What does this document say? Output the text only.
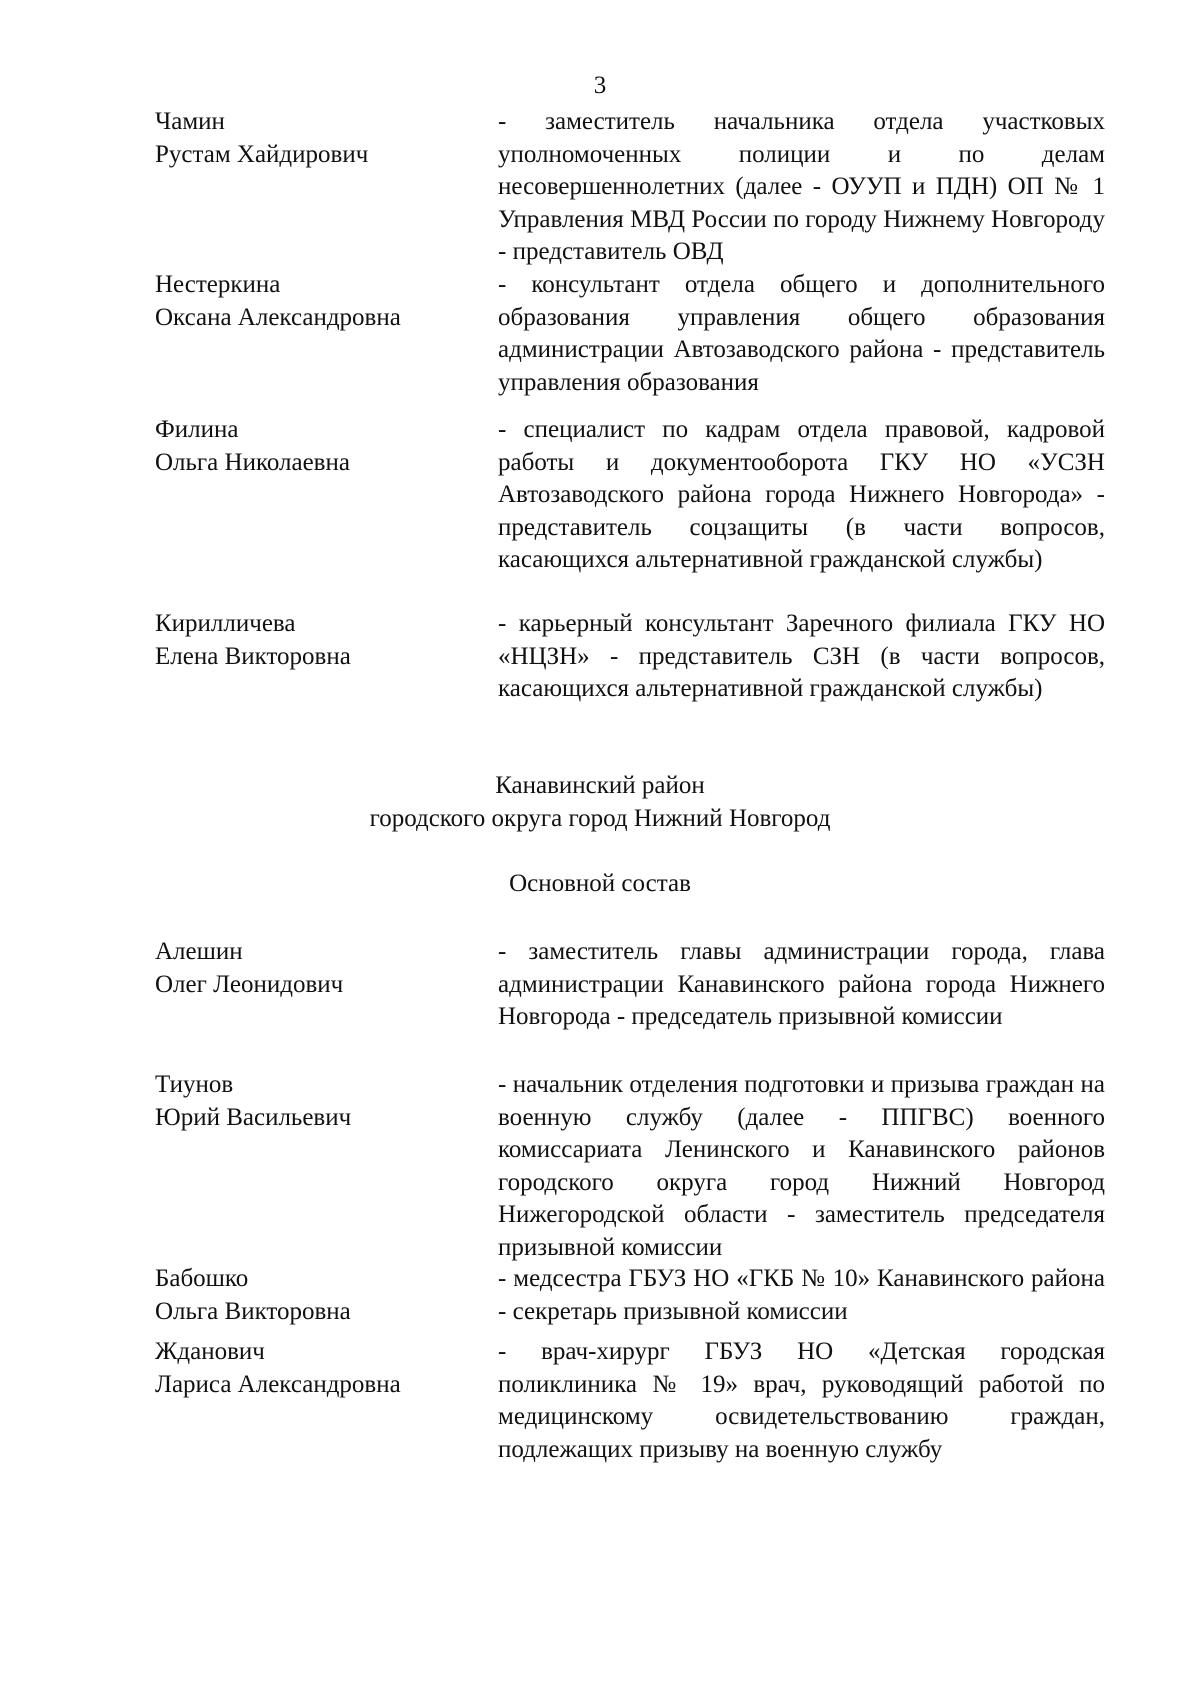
3
Чамин
Рустам Хайдирович

- заместитель начальника отдела участковых уполномоченных полиции и по делам несовершеннолетних (далее - ОУУП и ПДН) ОП № 1 Управления МВД России по городу Нижнему Новгороду - представитель ОВД

Нестеркина
Оксана Александровна

- консультант отдела общего и дополнительного образования управления общего образования администрации Автозаводского района - представитель управления образования

Филина
Ольга Николаевна

- специалист по кадрам отдела правовой, кадровой работы и документооборота ГКУ НО «УСЗН Автозаводского района города Нижнего Новгорода» - представитель соцзащиты (в части вопросов, касающихся альтернативной гражданской службы)

Кирилличева
Елена Викторовна

- карьерный консультант Заречного филиала ГКУ НО «НЦЗН» - представитель СЗН (в части вопросов, касающихся альтернативной гражданской службы)

Канавинский район
городского округа город Нижний Новгород
Основной состав
Алешин
Олег Леонидович

- заместитель главы администрации города, глава администрации Канавинского района города Нижнего Новгорода - председатель призывной комиссии

Тиунов
Юрий Васильевич

- начальник отделения подготовки и призыва граждан на военную службу (далее - ППГВС) военного комиссариата Ленинского и Канавинского районов городского округа город Нижний Новгород Нижегородской области - заместитель председателя призывной комиссии

Бабошко
Ольга Викторовна

- медсестра ГБУЗ НО «ГКБ № 10» Канавинского района - секретарь призывной комиссии

Жданович
Лариса Александровна

- врач-хирург ГБУЗ НО «Детская городская поликлиника № 19» врач, руководящий работой по медицинскому освидетельствованию граждан, подлежащих призыву на военную службу
